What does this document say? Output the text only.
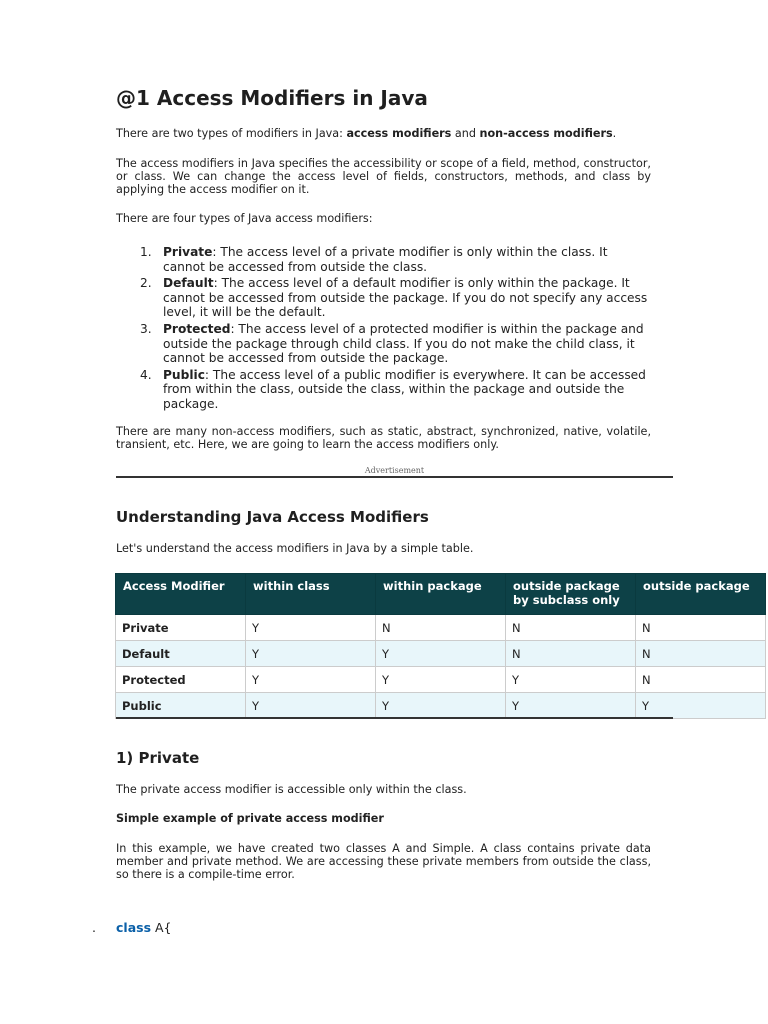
@1 Access Modifiers in Java

There are two types of modifiers in Java: access modifiers and non-access modifiers.

The access modifiers in Java specifies the accessibility or scope of a field, method, constructor, or class. We can change the access level of fields, constructors, methods, and class by applying the access modifier on it.

There are four types of Java access modifiers:

1. Private: The access level of a private modifier is only within the class. It cannot be accessed from outside the class.
2. Default: The access level of a default modifier is only within the package. It cannot be accessed from outside the package. If you do not specify any access level, it will be the default.
3. Protected: The access level of a protected modifier is within the package and outside the package through child class. If you do not make the child class, it cannot be accessed from outside the package.
4. Public: The access level of a public modifier is everywhere. It can be accessed from within the class, outside the class, within the package and outside the package.

There are many non-access modifiers, such as static, abstract, synchronized, native, volatile, transient, etc. Here, we are going to learn the access modifiers only.

Understanding Java Access Modifiers

Let's understand the access modifiers in Java by a simple table.

1) Private

The private access modifier is accessible only within the class.

Simple example of private access modifier

In this example, we have created two classes A and Simple. A class contains private data member and private method. We are accessing these private members from outside the class, so there is a compile-time error.

Advertisement
Access Modifier	within class	within package	outside package by subclass only	outside package
Private	Y	N	N	N
Default	Y	Y	N	N
Protected	Y	Y	Y	N
Public	Y	Y	Y	Y
. class A{
